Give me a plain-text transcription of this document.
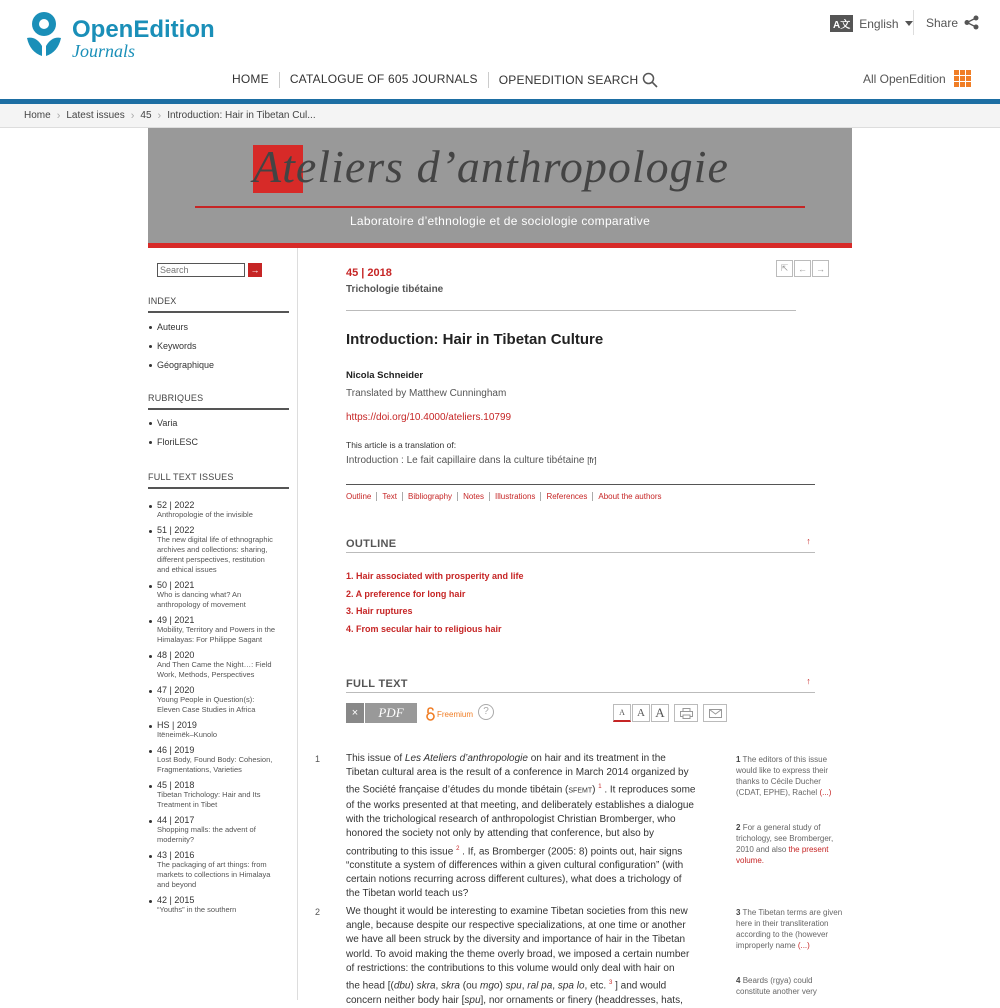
OpenEdition
Journals
A文 English Share
HOME	CATALOGUE OF 605 JOURNALS	OPENEDITION SEARCH	All OpenEdition
Home › Latest issues › 45 › Introduction: Hair in Tibetan Cul...
Ateliers d’anthropologie
Laboratoire d’ethnologie et de sociologie comparative
Search
→
INDEX
Auteurs
Keywords
Géographique
RUBRIQUES
Varia
FloriLESC
FULL TEXT ISSUES
52 | 2022
Anthropologie of the invisible
51 | 2022
The new digital life of ethnographic archives and collections: sharing, different perspectives, restitution and ethical issues
50 | 2021
Who is dancing what? An anthropology of movement
49 | 2021
Mobility, Territory and Powers in the Himalayas: For Philippe Sagant
48 | 2020
And Then Came the Night…: Field Work, Methods, Perspectives
47 | 2020
Young People in Question(s): Eleven Case Studies in Africa
HS | 2019
Itëneimëk–Kunolo
46 | 2019
Lost Body, Found Body: Cohesion, Fragmentations, Varieties
45 | 2018
Tibetan Trichology: Hair and Its Treatment in Tibet
44 | 2017
Shopping malls: the advent of modernity?
43 | 2016
The packaging of art things: from markets to collections in Himalaya and beyond
42 | 2015
“Youths” in the southern
45 | 2018
Trichologie tibétaine
⇱	←	→
Introduction: Hair in Tibetan Culture
Nicola Schneider
Translated by Matthew Cunningham
https://doi.org/10.4000/ateliers.10799
This article is a translation of:
Introduction : Le fait capillaire dans la culture tibétaine [fr]
Outline	Text	Bibliography	Notes	Illustrations	References	About the authors
OUTLINE	↑
1. Hair associated with prosperity and life
2. A preference for long hair
3. Hair ruptures
4. From secular hair to religious hair
FULL TEXT	↑
×	PDF	Freemium	?	A	A A
1	This issue of Les Ateliers d’anthropologie on hair and its treatment in the
Tibetan cultural area is the result of a conference in March 2014 organized by
the Société française d’études du monde tibétain (SFEMT) $^1$ . It reproduces some
of the works presented at that meeting, and deliberately establishes a dialogue
with the trichological research of anthropologist Christian Bromberger, who
honored the society not only by attending that conference, but also by
contributing to this issue $^2$ . If, as Bromberger (2005: 8) points out, hair signs
“constitute a system of differences within a given cultural configuration” (with
certain notions recurring across different cultures), what does a trichology of
the Tibetan world teach us?
2	We thought it would be interesting to examine Tibetan societies from this new
angle, because despite our respective specializations, at one time or another
we have all been struck by the diversity and importance of hair in the Tibetan
world. To avoid making the theme overly broad, we imposed a certain number
of restrictions: the contributions to this volume would only deal with hair on
the head [(dbu) skra, skra (ou mgo) spu, ral pa, spa lo, etc. $^3$ ] and would
concern neither body hair [spu], nor ornaments or finery (headdresses, hats,
1 The editors of this issue would like to express their thanks to Cécile Ducher (CDAT, EPHE), Rachel (...)
2 For a general study of trichology, see Bromberger, 2010 and also the present volume.
3 The Tibetan terms are given here in their transliteration according to the (however improperly name (...)
4 Beards (rgya) could constitute another very
